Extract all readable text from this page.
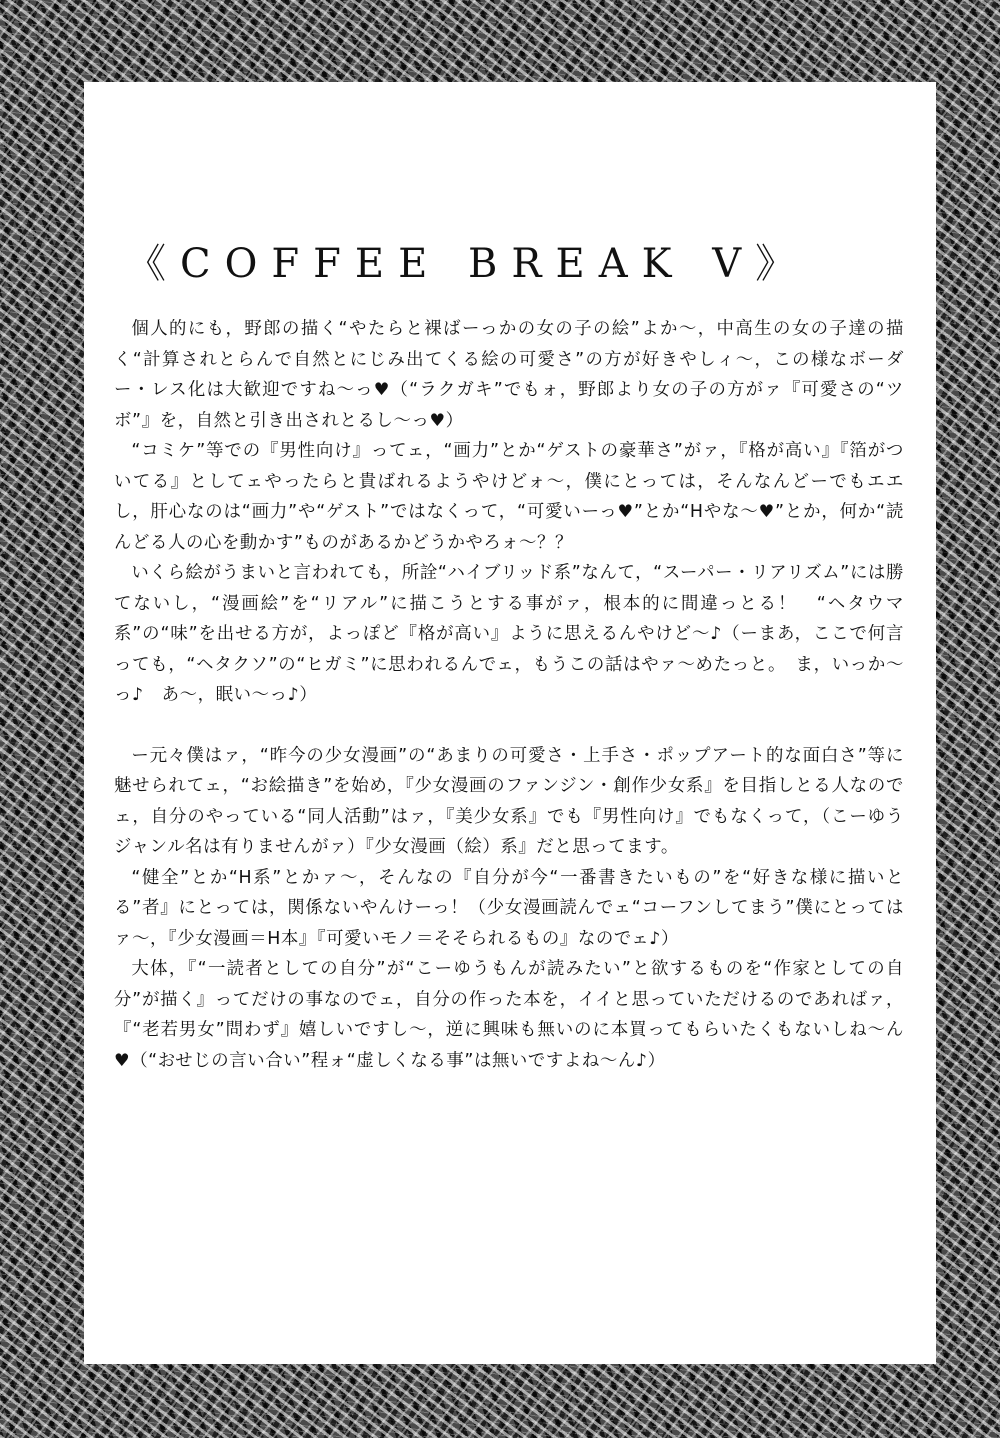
《COFFEE BREAK V》

個人的にも，野郎の描く“やたらと裸ばーっかの女の子の絵”よか〜，中高生の女の子達の描く“計算されとらんで自然とにじみ出てくる絵の可愛さ”の方が好きやしィ〜，この様なボーダー・レス化は大歓迎ですね〜っ♥（“ラクガキ”でもォ，野郎より女の子の方がァ『可愛さの“ツボ”』を，自然と引き出されとるし〜っ♥）

“コミケ”等での『男性向け』ってェ，“画力”とか“ゲストの豪華さ”がァ，『格が高い』『箔がついてる』としてェやったらと貴ばれるようやけどォ〜，僕にとっては，そんなんどーでもエエし，肝心なのは“画力”や“ゲスト”ではなくって，“可愛いーっ♥”とか“Hやな〜♥”とか，何か“読んどる人の心を動かす”ものがあるかどうかやろォ〜？？

いくら絵がうまいと言われても，所詮“ハイブリッド系”なんて，“スーパー・リアリズム”には勝てないし，“漫画絵”を“リアル”に描こうとする事がァ，根本的に間違っとる！　“ヘタウマ系”の“味”を出せる方が，よっぽど『格が高い』ように思えるんやけど〜♪（ーまあ，ここで何言っても，“ヘタクソ”の“ヒガミ”に思われるんでェ，もうこの話はやァ〜めたっと。　ま，いっか〜っ♪　あ〜，眠い〜っ♪）

ー元々僕はァ，“昨今の少女漫画”の“あまりの可愛さ・上手さ・ポップアート的な面白さ”等に魅せられてェ，“お絵描き”を始め，『少女漫画のファンジン・創作少女系』を目指しとる人なのでェ，自分のやっている“同人活動”はァ，『美少女系』でも『男性向け』でもなくって，（こーゆうジャンル名は有りませんがァ）『少女漫画（絵）系』だと思ってます。

“健全”とか“H系”とかァ〜，そんなの『自分が今“一番書きたいもの”を“好きな様に描いとる”者』にとっては，関係ないやんけーっ！（少女漫画読んでェ“コーフンしてまう”僕にとってはァ〜，『少女漫画＝H本』『可愛いモノ＝そそられるもの』なのでェ♪）

大体，『“一読者としての自分”が“こーゆうもんが読みたい”と欲するものを“作家としての自分”が描く』ってだけの事なのでェ，自分の作った本を，イイと思っていただけるのであればァ，『“老若男女”問わず』嬉しいですし〜，逆に興味も無いのに本買ってもらいたくもないしね〜ん♥（“おせじの言い合い”程ォ“虚しくなる事”は無いですよね〜ん♪）
